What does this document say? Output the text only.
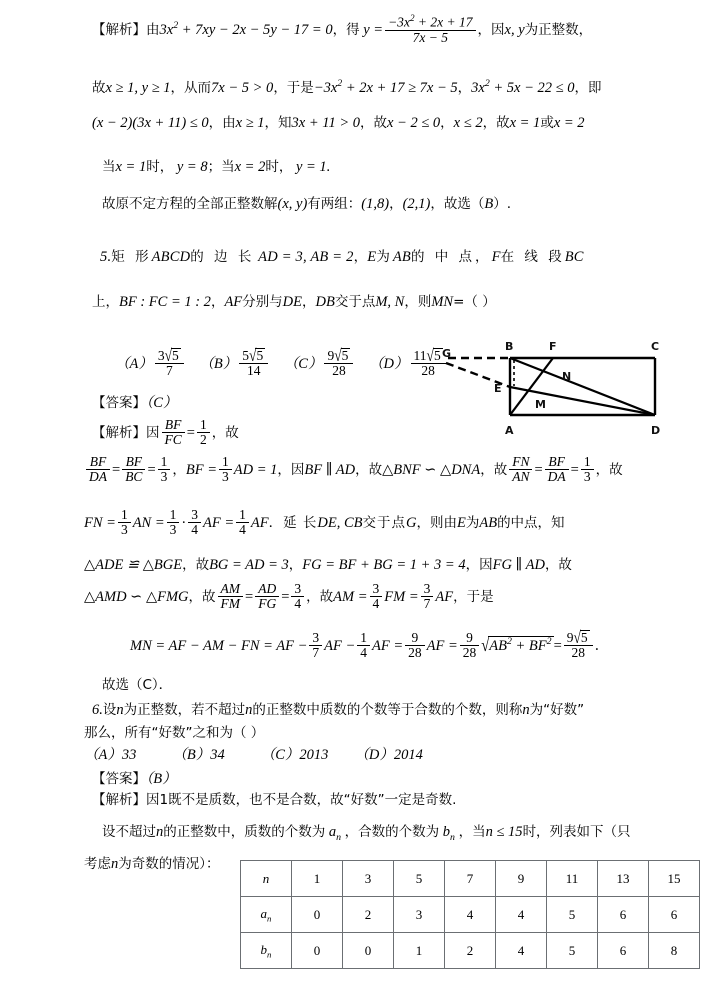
【解析】由$3x^2 + 7xy - 2x - 5y - 17 = 0$，得 $y = \frac{-3x^2 + 2x + 17}{7x - 5}$ ，因x, y为正整数，
故x ≥ 1, y ≥ 1，从而7x − 5 > 0，于是$-3x^2 + 2x + 17 \ge 7x - 5$，$3x^2 + 5x - 22 \le 0$，即
(x − 2)(3x + 11) ≤ 0，由x ≥ 1，知3x + 11 > 0，故x − 2 ≤ 0，x ≤ 2，故x = 1或x = 2
当x = 1时， y = 8；当x = 2时， y = 1.
故原不定方程的全部正整数解(x, y)有两组：(1,8)，(2,1)，故选（B）.
5.矩 形ABCD的 边 长 AD = 3, AB = 2，E为AB的 中 点，F在 线 段BC
上，BF : FC = 1 : 2，AF分别与DE，DB交于点M, N，则MN=（ ）
$(A) \frac{3√5}{7} (B) \frac{5√5}{14} (C) \frac{9√5}{28} (D) \frac{11√5}{28}$
A
B	C
D
E
F
G
M
N
【答案】（C）
【解析】因 $\frac{BF}{FC} = \frac{1}{2}$ ，故
$\frac{BF}{DA} = \frac{BF}{BC} = \frac{1}{3}$ ，BF = $\frac{1}{3}$ AD = 1，因BF ∥ AD，故△BNF ∽ △DNA，故 $\frac{FN}{AN} = \frac{BF}{DA} = \frac{1}{3}$ ，故
FN = $\frac{1}{3}$ AN = $\frac{1}{3} \cdot \frac{3}{4}$ AF = $\frac{1}{4}$ AF．延 长DE, CB交于点G，则由E为AB的中点，知
△ADE ≌ △BGE，故BG = AD = 3，FG = BF + BG = 1 + 3 = 4，因FG ∥ AD，故
△AMD ∽ △FMG，故 $\frac{AM}{FM} = \frac{AD}{FG} = \frac{3}{4}$ ，故AM = $\frac{3}{4}$ FM = $\frac{3}{7}$ AF，于是
MN = AF − AM − FN = AF − $\frac{3}{7}$ AF − $\frac{1}{4}$ AF = $\frac{9}{28}$ AF = $\frac{9}{28} √AB^2 + BF^2 = \frac{9√5}{28}$ ．
故选（C）．
6.设n为正整数，若不超过n的正整数中质数的个数等于合数的个数，则称n为“好数”
那么，所有“好数”之和为（ ）
（A）33 （B）34 （C）2013 （D）2014
【答案】（B）
【解析】因1既不是质数，也不是合数，故“好数”一定是奇数.
设不超过n的正整数中，质数的个数为 $a_n$ ，合数的个数为 $b_n$ ，当n ≤ 15时，列表如下（只
考虑n为奇数的情况）：
n	1	3	5	7	9	11	13	15
$a_n$	0	2	3	4	4	5	6	6
$b_n$	0	0	1	2	4	5	6	8
